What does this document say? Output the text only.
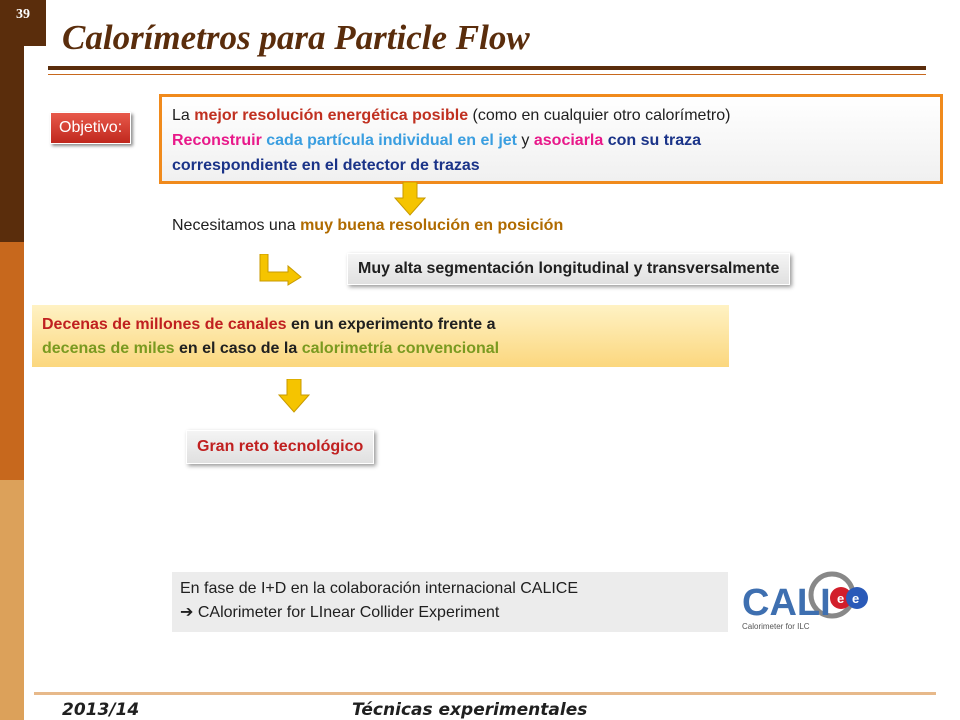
39
Calorímetros para Particle Flow
Objetivo:
La mejor resolución energética posible (como en cualquier otro calorímetro)
Reconstruir cada partícula individual en el jet y asociarla con su traza
correspondiente en el detector de trazas
Necesitamos una muy buena resolución en posición
Muy alta segmentación longitudinal y transversalmente
Decenas de millones de canales en un experimento frente a
decenas de miles en el caso de la calorimetría convencional
Gran reto tecnológico
En fase de I+D en la colaboración internacional CALICE
➔ CAlorimeter for LInear Collider Experiment
e e
CALI
Calorimeter for ILC
2013/14	Técnicas experimentales
